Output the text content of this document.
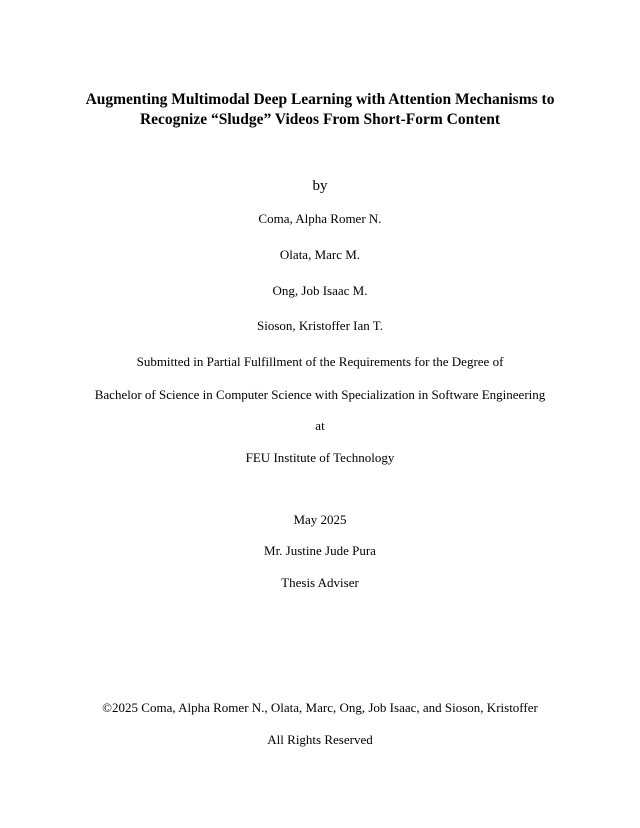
Augmenting Multimodal Deep Learning with Attention Mechanisms to
Recognize “Sludge” Videos From Short-Form Content
by
Coma, Alpha Romer N.
Olata, Marc M.
Ong, Job Isaac M.
Sioson, Kristoffer Ian T.
Submitted in Partial Fulfillment of the Requirements for the Degree of
Bachelor of Science in Computer Science with Specialization in Software Engineering
at
FEU Institute of Technology
May 2025
Mr. Justine Jude Pura
Thesis Adviser
©2025 Coma, Alpha Romer N., Olata, Marc, Ong, Job Isaac, and Sioson, Kristoffer
All Rights Reserved
